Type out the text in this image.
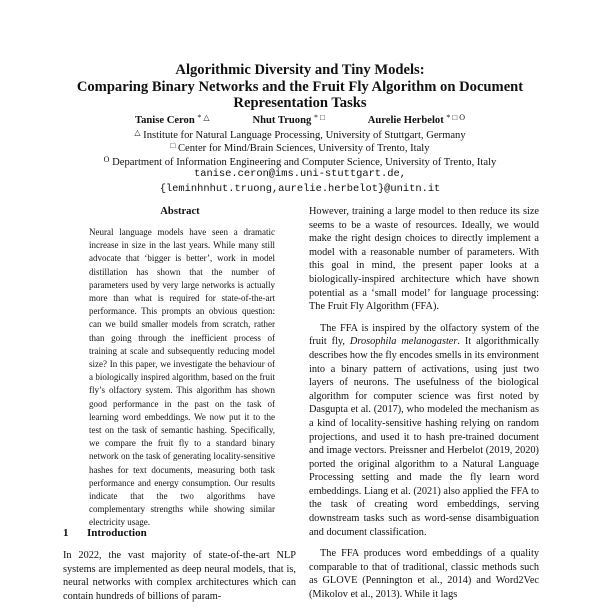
Algorithmic Diversity and Tiny Models:
Comparing Binary Networks and the Fruit Fly Algorithm on Document
Representation Tasks
Tanise Ceron * △	Nhut Truong * □	Aurelie Herbelot $^{* □ O}$
△ Institute for Natural Language Processing, University of Stuttgart, Germany
□ Center for Mind/Brain Sciences, University of Trento, Italy
$^O$ Department of Information Engineering and Computer Science, University of Trento, Italy
tanise.ceron@ims.uni-stuttgart.de,
{leminhnhut.truong,aurelie.herbelot}@unitn.it
Abstract
Neural language models have seen a dramatic increase in size in the last years. While many still advocate that ‘bigger is better’, work in model distillation has shown that the number of parameters used by very large networks is actually more than what is required for state-of-the-art performance. This prompts an obvious question: can we build smaller models from scratch, rather than going through the inefficient process of training at scale and subsequently reducing model size? In this paper, we investigate the behaviour of a biologically inspired algorithm, based on the fruit fly’s olfactory system. This algorithm has shown good performance in the past on the task of learning word embeddings. We now put it to the test on the task of semantic hashing. Specifically, we compare the fruit fly to a standard binary network on the task of generating locality-sensitive hashes for text documents, measuring both task performance and energy consumption. Our results indicate that the two algorithms have complementary strengths while showing similar electricity usage.
1 Introduction
In 2022, the vast majority of state-of-the-art NLP systems are implemented as deep neural models, that is, neural networks with complex architectures which can contain hundreds of billions of param-

However, training a large model to then reduce its size seems to be a waste of resources. Ideally, we would make the right design choices to directly implement a model with a reasonable number of parameters. With this goal in mind, the present paper looks at a biologically-inspired architecture which have shown potential as a ‘small model’ for language processing: The Fruit Fly Algorithm (FFA).

The FFA is inspired by the olfactory system of the fruit fly, Drosophila melanogaster. It algorithmically describes how the fly encodes smells in its environment into a binary pattern of activations, using just two layers of neurons. The usefulness of the biological algorithm for computer science was first noted by Dasgupta et al. (2017), who modeled the mechanism as a kind of locality-sensitive hashing relying on random projections, and used it to hash pre-trained document and image vectors. Preissner and Herbelot (2019, 2020) ported the original algorithm to a Natural Language Processing setting and made the fly learn word embeddings. Liang et al. (2021) also applied the FFA to the task of creating word embeddings, serving downstream tasks such as word-sense disambiguation and document classification.

The FFA produces word embeddings of a quality comparable to that of traditional, classic methods such as GLOVE (Pennington et al., 2014) and Word2Vec (Mikolov et al., 2013). While it lags
